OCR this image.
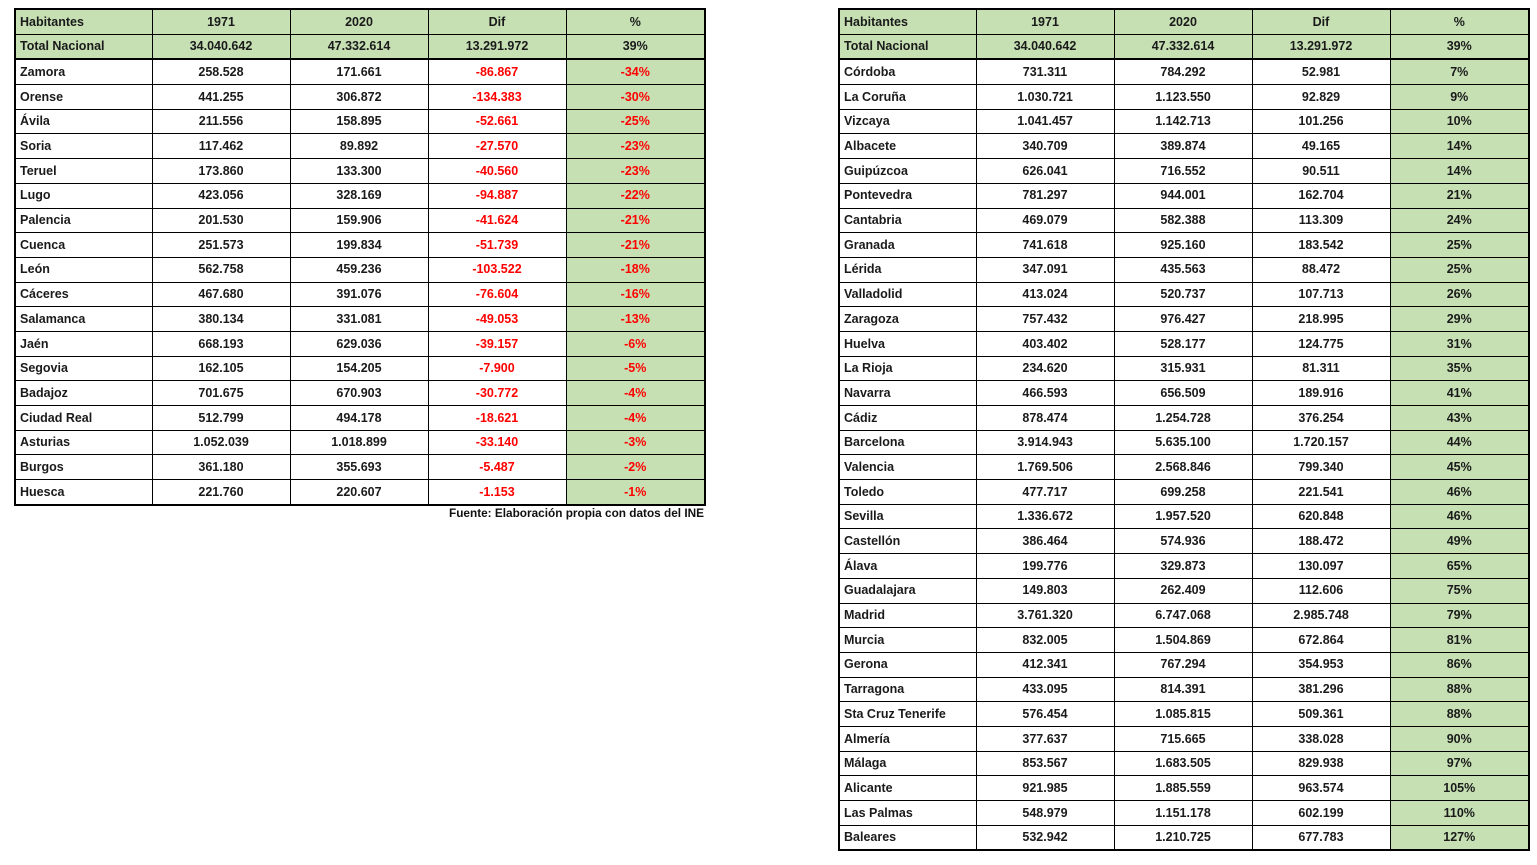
Habitantes	1971	2020	Dif	%
Total Nacional	34.040.642	47.332.614	13.291.972	39%
Zamora	258.528	171.661	-86.867	-34%
Orense	441.255	306.872	-134.383	-30%
Ávila	211.556	158.895	-52.661	-25%
Soria	117.462	89.892	-27.570	-23%
Teruel	173.860	133.300	-40.560	-23%
Lugo	423.056	328.169	-94.887	-22%
Palencia	201.530	159.906	-41.624	-21%
Cuenca	251.573	199.834	-51.739	-21%
León	562.758	459.236	-103.522	-18%
Cáceres	467.680	391.076	-76.604	-16%
Salamanca	380.134	331.081	-49.053	-13%
Jaén	668.193	629.036	-39.157	-6%
Segovia	162.105	154.205	-7.900	-5%
Badajoz	701.675	670.903	-30.772	-4%
Ciudad Real	512.799	494.178	-18.621	-4%
Asturias	1.052.039	1.018.899	-33.140	-3%
Burgos	361.180	355.693	-5.487	-2%
Huesca	221.760	220.607	-1.153	-1%
Fuente: Elaboración propia con datos del INE
Habitantes	1971	2020	Dif	%
Total Nacional	34.040.642	47.332.614	13.291.972	39%
Córdoba	731.311	784.292	52.981	7%
La Coruña	1.030.721	1.123.550	92.829	9%
Vizcaya	1.041.457	1.142.713	101.256	10%
Albacete	340.709	389.874	49.165	14%
Guipúzcoa	626.041	716.552	90.511	14%
Pontevedra	781.297	944.001	162.704	21%
Cantabria	469.079	582.388	113.309	24%
Granada	741.618	925.160	183.542	25%
Lérida	347.091	435.563	88.472	25%
Valladolid	413.024	520.737	107.713	26%
Zaragoza	757.432	976.427	218.995	29%
Huelva	403.402	528.177	124.775	31%
La Rioja	234.620	315.931	81.311	35%
Navarra	466.593	656.509	189.916	41%
Cádiz	878.474	1.254.728	376.254	43%
Barcelona	3.914.943	5.635.100	1.720.157	44%
Valencia	1.769.506	2.568.846	799.340	45%
Toledo	477.717	699.258	221.541	46%
Sevilla	1.336.672	1.957.520	620.848	46%
Castellón	386.464	574.936	188.472	49%
Álava	199.776	329.873	130.097	65%
Guadalajara	149.803	262.409	112.606	75%
Madrid	3.761.320	6.747.068	2.985.748	79%
Murcia	832.005	1.504.869	672.864	81%
Gerona	412.341	767.294	354.953	86%
Tarragona	433.095	814.391	381.296	88%
Sta Cruz Tenerife	576.454	1.085.815	509.361	88%
Almería	377.637	715.665	338.028	90%
Málaga	853.567	1.683.505	829.938	97%
Alicante	921.985	1.885.559	963.574	105%
Las Palmas	548.979	1.151.178	602.199	110%
Baleares	532.942	1.210.725	677.783	127%
